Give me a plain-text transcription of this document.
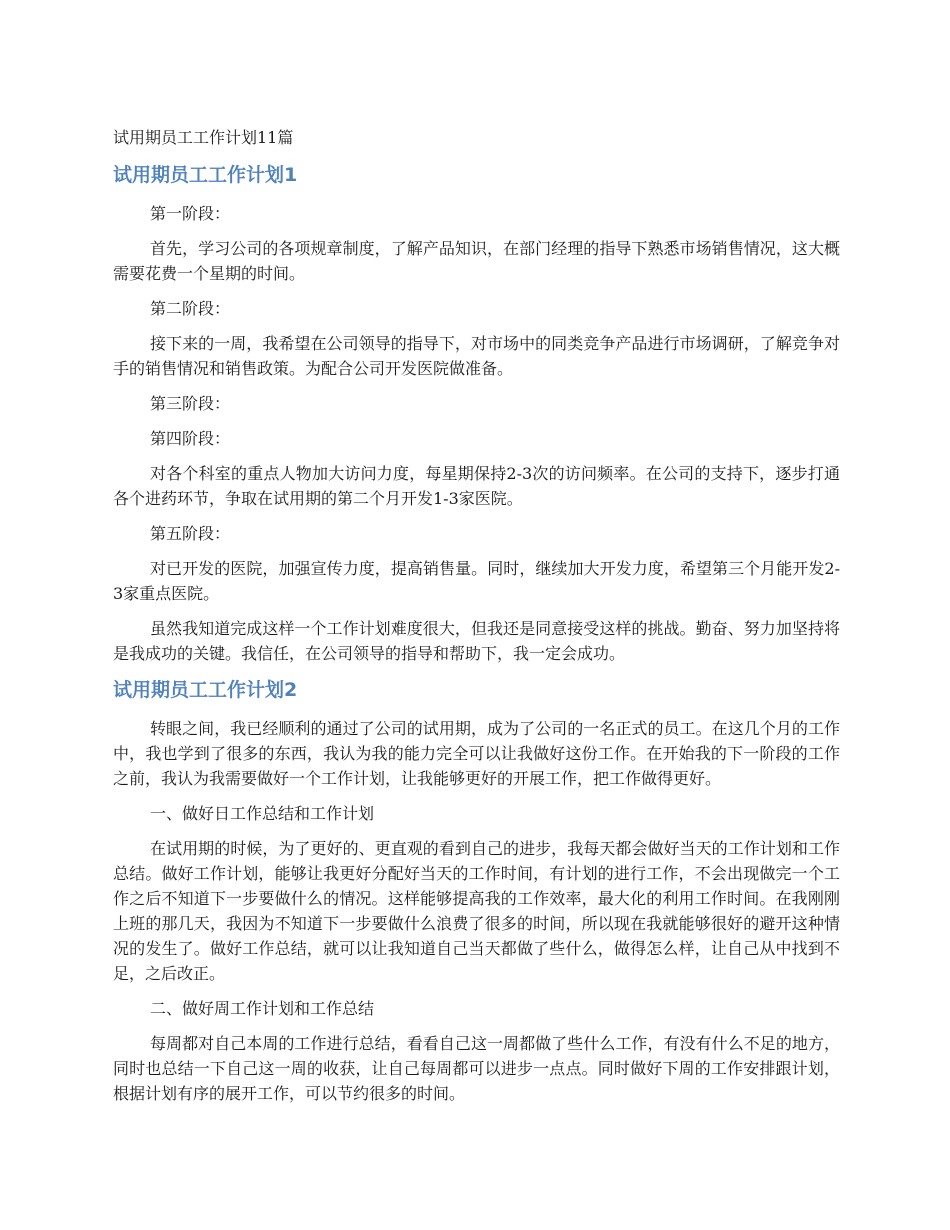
试用期员工工作计划11篇
试用期员工工作计划1

第一阶段：

首先，学习公司的各项规章制度，了解产品知识，在部门经理的指导下熟悉市场销售情况，这大概需要花费一个星期的时间。

第二阶段：

接下来的一周，我希望在公司领导的指导下，对市场中的同类竞争产品进行市场调研，了解竞争对手的销售情况和销售政策。为配合公司开发医院做准备。

第三阶段：

第四阶段：

对各个科室的重点人物加大访问力度，每星期保持2-3次的访问频率。在公司的支持下，逐步打通各个进药环节，争取在试用期的第二个月开发1-3家医院。

第五阶段：

对已开发的医院，加强宣传力度，提高销售量。同时，继续加大开发力度，希望第三个月能开发2-3家重点医院。

虽然我知道完成这样一个工作计划难度很大，但我还是同意接受这样的挑战。勤奋、努力加坚持将是我成功的关键。我信任，在公司领导的指导和帮助下，我一定会成功。

试用期员工工作计划2

转眼之间，我已经顺利的通过了公司的试用期，成为了公司的一名正式的员工。在这几个月的工作中，我也学到了很多的东西，我认为我的能力完全可以让我做好这份工作。在开始我的下一阶段的工作之前，我认为我需要做好一个工作计划，让我能够更好的开展工作，把工作做得更好。

一、做好日工作总结和工作计划

在试用期的时候，为了更好的、更直观的看到自己的进步，我每天都会做好当天的工作计划和工作总结。做好工作计划，能够让我更好分配好当天的工作时间，有计划的进行工作，不会出现做完一个工作之后不知道下一步要做什么的情况。这样能够提高我的工作效率，最大化的利用工作时间。在我刚刚上班的那几天，我因为不知道下一步要做什么浪费了很多的时间，所以现在我就能够很好的避开这种情况的发生了。做好工作总结，就可以让我知道自己当天都做了些什么，做得怎么样，让自己从中找到不足，之后改正。

二、做好周工作计划和工作总结

每周都对自己本周的工作进行总结，看看自己这一周都做了些什么工作，有没有什么不足的地方，同时也总结一下自己这一周的收获，让自己每周都可以进步一点点。同时做好下周的工作安排跟计划，根据计划有序的展开工作，可以节约很多的时间。
